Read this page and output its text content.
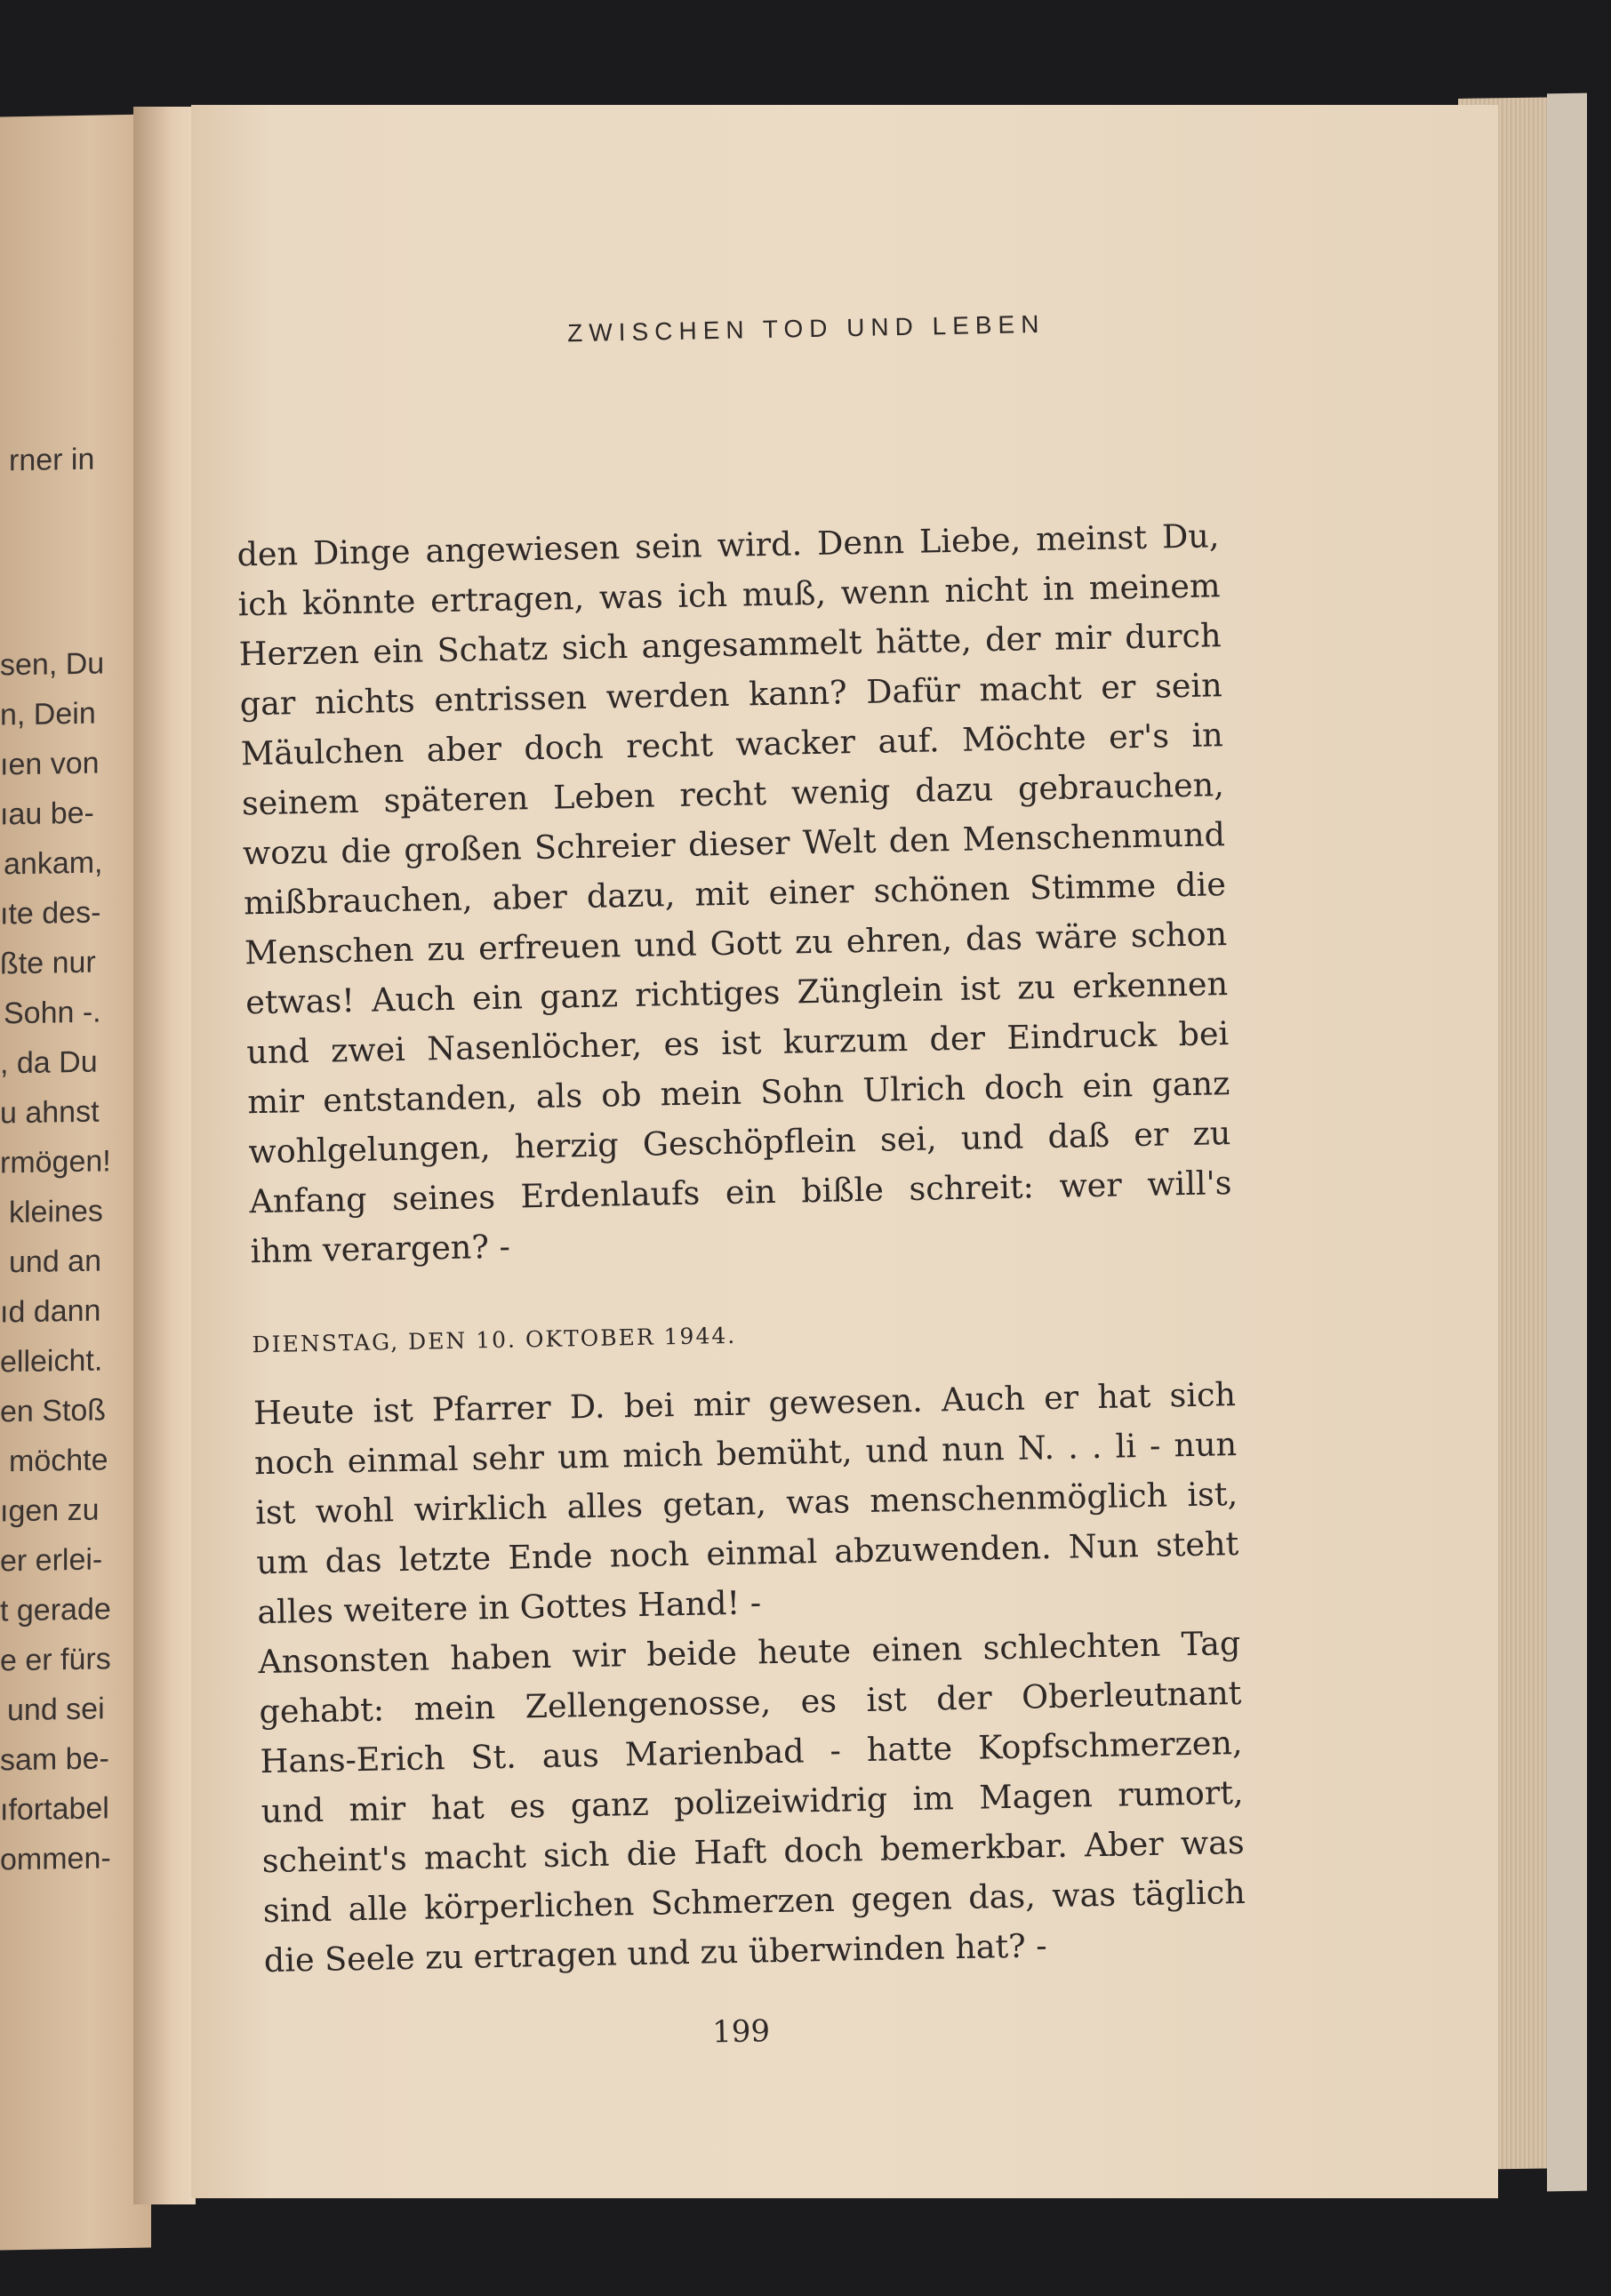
rner in
sen, Du
n, Dein
ıen von
ıau be-
ankam,
ıte des-
ßte nur
Sohn -.
, da Du
u ahnst
rmögen!
kleines
und an
ıd dann
elleicht.
en Stoß
möchte
ıgen zu
er erlei-
t gerade
e er fürs
und sei
sam be-
ıfortabel
ommen-
ZWISCHEN TOD UND LEBEN
den Dinge angewiesen sein wird. Denn Liebe, meinst Du,
ich könnte ertragen, was ich muß, wenn nicht in meinem
Herzen ein Schatz sich angesammelt hätte, der mir durch
gar nichts entrissen werden kann? Dafür macht er sein
Mäulchen aber doch recht wacker auf. Möchte er's in
seinem späteren Leben recht wenig dazu gebrauchen,
wozu die großen Schreier dieser Welt den Menschenmund
mißbrauchen, aber dazu, mit einer schönen Stimme die
Menschen zu erfreuen und Gott zu ehren, das wäre schon
etwas! Auch ein ganz richtiges Zünglein ist zu erkennen
und zwei Nasenlöcher, es ist kurzum der Eindruck bei
mir entstanden, als ob mein Sohn Ulrich doch ein ganz
wohlgelungen, herzig Geschöpflein sei, und daß er zu
Anfang seines Erdenlaufs ein bißle schreit: wer will's
ihm verargen? -
DIENSTAG, DEN 10. OKTOBER 1944.
Heute ist Pfarrer D. bei mir gewesen. Auch er hat sich
noch einmal sehr um mich bemüht, und nun N. . . li - nun
ist wohl wirklich alles getan, was menschenmöglich ist,
um das letzte Ende noch einmal abzuwenden. Nun steht
alles weitere in Gottes Hand! -
Ansonsten haben wir beide heute einen schlechten Tag
gehabt: mein Zellengenosse, es ist der Oberleutnant
Hans-Erich St. aus Marienbad - hatte Kopfschmerzen,
und mir hat es ganz polizeiwidrig im Magen rumort,
scheint's macht sich die Haft doch bemerkbar. Aber was
sind alle körperlichen Schmerzen gegen das, was täglich
die Seele zu ertragen und zu überwinden hat? -
199
